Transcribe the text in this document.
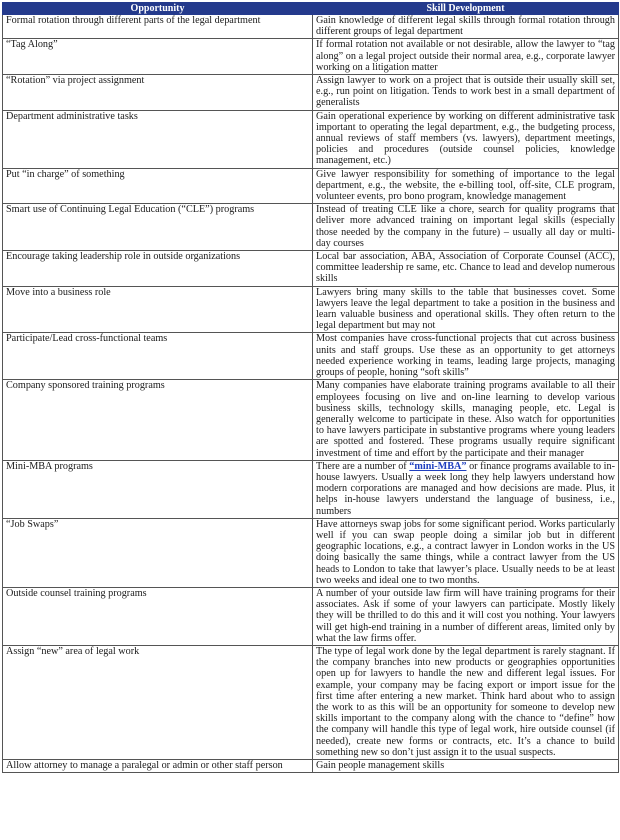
Opportunity	Skill Development
Formal rotation through different parts of the legal department	Gain knowledge of different legal skills through formal rotation through different groups of legal department
“Tag Along”	If formal rotation not available or not desirable, allow the lawyer to “tag along” on a legal project outside their normal area, e.g., corporate lawyer working on a litigation matter
“Rotation” via project assignment	Assign lawyer to work on a project that is outside their usually skill set, e.g., run point on litigation. Tends to work best in a small department of generalists
Department administrative tasks	Gain operational experience by working on different administrative task important to operating the legal department, e.g., the budgeting process, annual reviews of staff members (vs. lawyers), department meetings, policies and procedures (outside counsel policies, knowledge management, etc.)
Put “in charge” of something	Give lawyer responsibility for something of importance to the legal department, e.g., the website, the e-billing tool, off-site, CLE program, volunteer events, pro bono program, knowledge management
Smart use of Continuing Legal Education (“CLE”) programs	Instead of treating CLE like a chore, search for quality programs that deliver more advanced training on important legal skills (especially those needed by the company in the future) – usually all day or multi-day courses
Encourage taking leadership role in outside organizations	Local bar association, ABA, Association of Corporate Counsel (ACC), committee leadership re same, etc. Chance to lead and develop numerous skills
Move into a business role	Lawyers bring many skills to the table that businesses covet. Some lawyers leave the legal department to take a position in the business and learn valuable business and operational skills. They often return to the legal department but may not
Participate/Lead cross-functional teams	Most companies have cross-functional projects that cut across business units and staff groups. Use these as an opportunity to get attorneys needed experience working in teams, leading large projects, managing groups of people, honing “soft skills”
Company sponsored training programs	Many companies have elaborate training programs available to all their employees focusing on live and on-line learning to develop various business skills, technology skills, managing people, etc. Legal is generally welcome to participate in these. Also watch for opportunities to have lawyers participate in substantive programs where young leaders are spotted and fostered. These programs usually require significant investment of time and effort by the participate and their manager
Mini-MBA programs	There are a number of “mini-MBA” or finance programs available to in-house lawyers. Usually a week long they help lawyers understand how modern corporations are managed and how decisions are made. Plus, it helps in-house lawyers understand the language of business, i.e., numbers
“Job Swaps”	Have attorneys swap jobs for some significant period. Works particularly well if you can swap people doing a similar job but in different geographic locations, e.g., a contract lawyer in London works in the US doing basically the same things, while a contract lawyer from the US heads to London to take that lawyer’s place. Usually needs to be at least two weeks and ideal one to two months.
Outside counsel training programs	A number of your outside law firm will have training programs for their associates. Ask if some of your lawyers can participate. Mostly likely they will be thrilled to do this and it will cost you nothing. Your lawyers will get high-end training in a number of different areas, limited only by what the law firms offer.
Assign “new” area of legal work	The type of legal work done by the legal department is rarely stagnant. If the company branches into new products or geographies opportunities open up for lawyers to handle the new and different legal issues. For example, your company may be facing export or import issue for the first time after entering a new market. Think hard about who to assign the work to as this will be an opportunity for someone to develop new skills important to the company along with the chance to “define” how the company will handle this type of legal work, hire outside counsel (if needed), create new forms or contracts, etc. It’s a chance to build something new so don’t just assign it to the usual suspects.
Allow attorney to manage a paralegal or admin or other staff person	Gain people management skills
